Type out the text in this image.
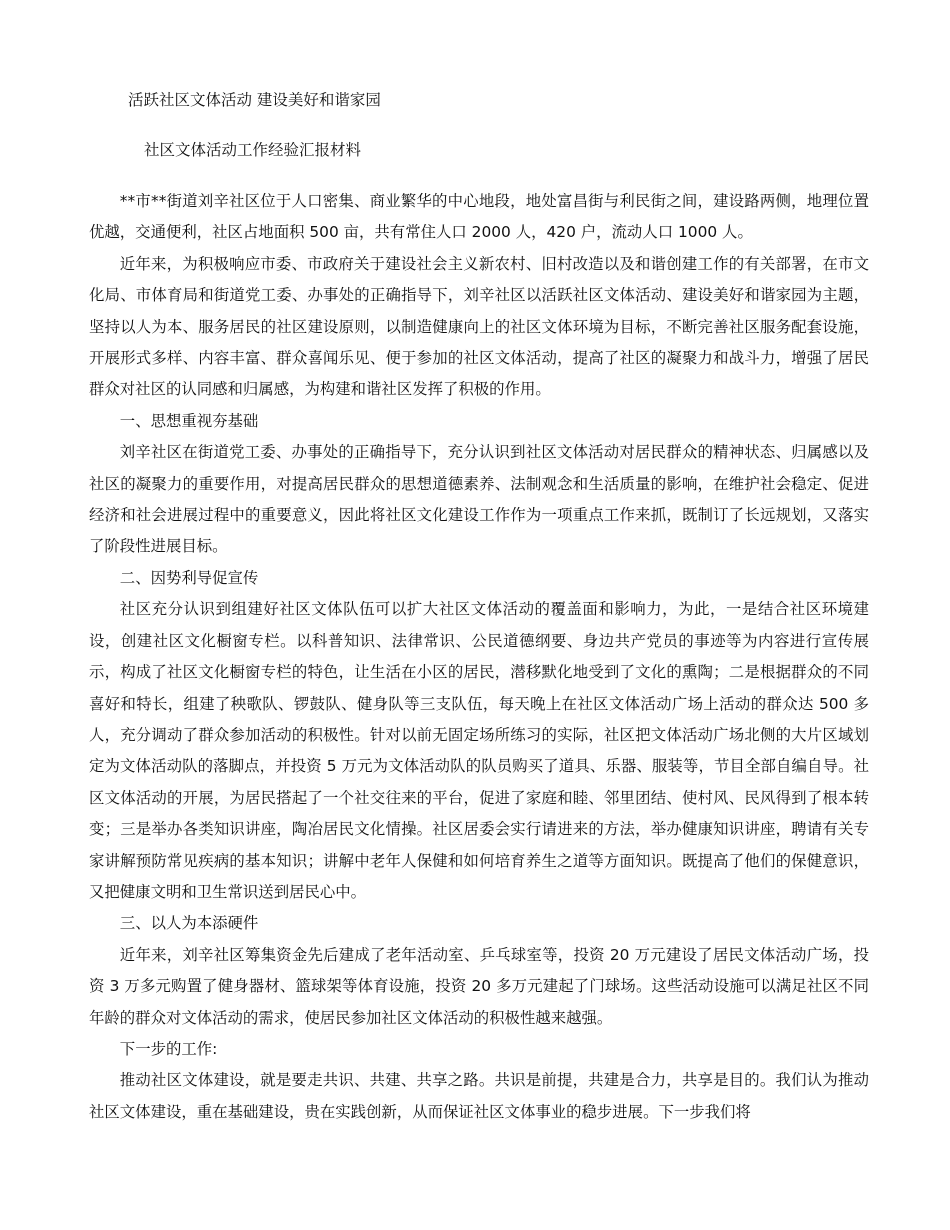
活跃社区文体活动 建设美好和谐家园
社区文体活动工作经验汇报材料

**市**街道刘辛社区位于人口密集、商业繁华的中心地段，地处富昌街与利民街之间，建设路两侧，地理位置优越，交通便利，社区占地面积 500 亩，共有常住人口 2000 人，420 户，流动人口 1000 人。

近年来，为积极响应市委、市政府关于建设社会主义新农村、旧村改造以及和谐创建工作的有关部署，在市文化局、市体育局和街道党工委、办事处的正确指导下，刘辛社区以活跃社区文体活动、建设美好和谐家园为主题，坚持以人为本、服务居民的社区建设原则，以制造健康向上的社区文体环境为目标，不断完善社区服务配套设施，开展形式多样、内容丰富、群众喜闻乐见、便于参加的社区文体活动，提高了社区的凝聚力和战斗力，增强了居民群众对社区的认同感和归属感，为构建和谐社区发挥了积极的作用。

一、思想重视夯基础

刘辛社区在街道党工委、办事处的正确指导下，充分认识到社区文体活动对居民群众的精神状态、归属感以及社区的凝聚力的重要作用，对提高居民群众的思想道德素养、法制观念和生活质量的影响，在维护社会稳定、促进经济和社会进展过程中的重要意义，因此将社区文化建设工作作为一项重点工作来抓，既制订了长远规划，又落实了阶段性进展目标。

二、因势利导促宣传

社区充分认识到组建好社区文体队伍可以扩大社区文体活动的覆盖面和影响力，为此，一是结合社区环境建设，创建社区文化橱窗专栏。以科普知识、法律常识、公民道德纲要、身边共产党员的事迹等为内容进行宣传展示，构成了社区文化橱窗专栏的特色，让生活在小区的居民，潜移默化地受到了文化的熏陶；二是根据群众的不同喜好和特长，组建了秧歌队、锣鼓队、健身队等三支队伍，每天晚上在社区文体活动广场上活动的群众达 500 多人，充分调动了群众参加活动的积极性。针对以前无固定场所练习的实际，社区把文体活动广场北侧的大片区域划定为文体活动队的落脚点，并投资 5 万元为文体活动队的队员购买了道具、乐器、服装等，节目全部自编自导。社区文体活动的开展，为居民搭起了一个社交往来的平台，促进了家庭和睦、邻里团结、使村风、民风得到了根本转变；三是举办各类知识讲座，陶冶居民文化情操。社区居委会实行请进来的方法，举办健康知识讲座，聘请有关专家讲解预防常见疾病的基本知识；讲解中老年人保健和如何培育养生之道等方面知识。既提高了他们的保健意识，又把健康文明和卫生常识送到居民心中。

三、以人为本添硬件

近年来，刘辛社区筹集资金先后建成了老年活动室、乒乓球室等，投资 20 万元建设了居民文体活动广场，投资 3 万多元购置了健身器材、篮球架等体育设施，投资 20 多万元建起了门球场。这些活动设施可以满足社区不同年龄的群众对文体活动的需求，使居民参加社区文体活动的积极性越来越强。

下一步的工作:

推动社区文体建设，就是要走共识、共建、共享之路。共识是前提，共建是合力，共享是目的。我们认为推动社区文体建设，重在基础建设，贵在实践创新，从而保证社区文体事业的稳步进展。下一步我们将
